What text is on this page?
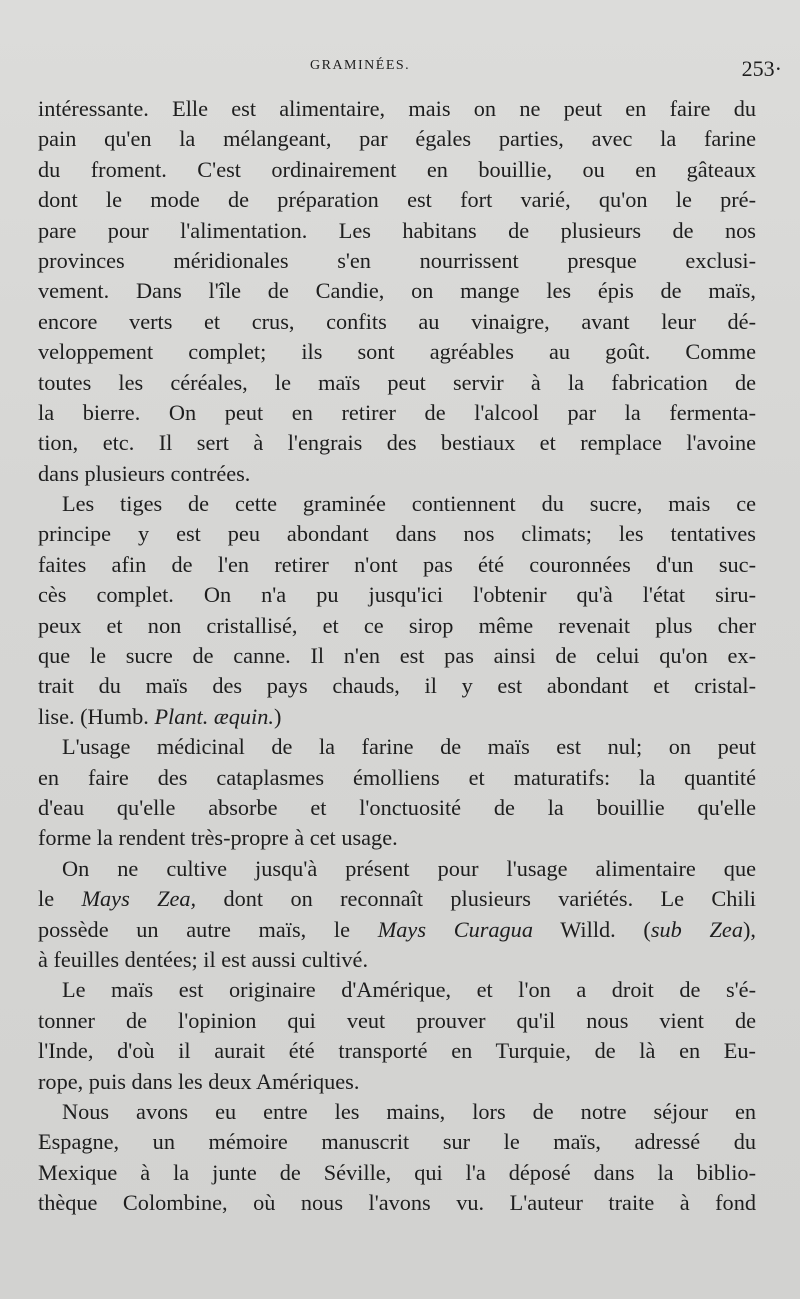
GRAMINÉES.	253·
intéressante. Elle est alimentaire, mais on ne peut en faire du
pain qu'en la mélangeant, par égales parties, avec la farine
du froment. C'est ordinairement en bouillie, ou en gâteaux
dont le mode de préparation est fort varié, qu'on le pré-
pare pour l'alimentation. Les habitans de plusieurs de nos
provinces méridionales s'en nourrissent presque exclusi-
vement. Dans l'île de Candie, on mange les épis de maïs,
encore verts et crus, confits au vinaigre, avant leur dé-
veloppement complet; ils sont agréables au goût. Comme
toutes les céréales, le maïs peut servir à la fabrication de
la bierre. On peut en retirer de l'alcool par la fermenta-
tion, etc. Il sert à l'engrais des bestiaux et remplace l'avoine
dans plusieurs contrées.
Les tiges de cette graminée contiennent du sucre, mais ce
principe y est peu abondant dans nos climats; les tentatives
faites afin de l'en retirer n'ont pas été couronnées d'un suc-
cès complet. On n'a pu jusqu'ici l'obtenir qu'à l'état siru-
peux et non cristallisé, et ce sirop même revenait plus cher
que le sucre de canne. Il n'en est pas ainsi de celui qu'on ex-
trait du maïs des pays chauds, il y est abondant et cristal-
lise. (Humb. Plant. æquin.)
L'usage médicinal de la farine de maïs est nul; on peut
en faire des cataplasmes émolliens et maturatifs: la quantité
d'eau qu'elle absorbe et l'onctuosité de la bouillie qu'elle
forme la rendent très-propre à cet usage.
On ne cultive jusqu'à présent pour l'usage alimentaire que
le Mays Zea, dont on reconnaît plusieurs variétés. Le Chili
possède un autre maïs, le Mays Curagua Willd. (sub Zea),
à feuilles dentées; il est aussi cultivé.
Le maïs est originaire d'Amérique, et l'on a droit de s'é-
tonner de l'opinion qui veut prouver qu'il nous vient de
l'Inde, d'où il aurait été transporté en Turquie, de là en Eu-
rope, puis dans les deux Amériques.
Nous avons eu entre les mains, lors de notre séjour en
Espagne, un mémoire manuscrit sur le maïs, adressé du
Mexique à la junte de Séville, qui l'a déposé dans la biblio-
thèque Colombine, où nous l'avons vu. L'auteur traite à fond
